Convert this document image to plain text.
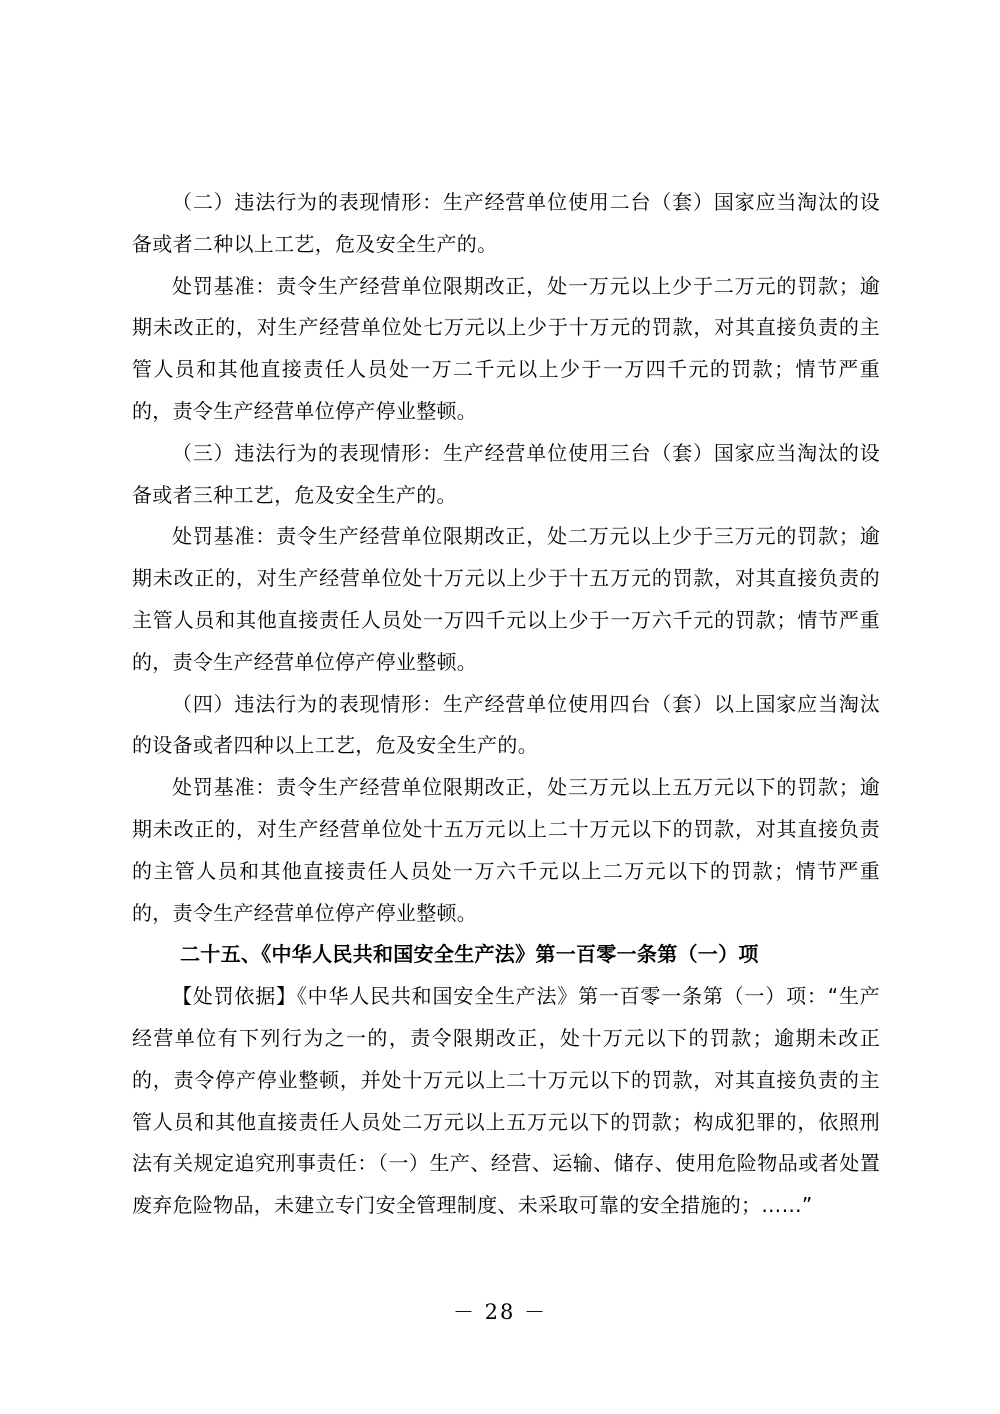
（二）违法行为的表现情形：生产经营单位使用二台（套）国家应当淘汰的设备或者二种以上工艺，危及安全生产的。

处罚基准：责令生产经营单位限期改正，处一万元以上少于二万元的罚款；逾期未改正的，对生产经营单位处七万元以上少于十万元的罚款，对其直接负责的主管人员和其他直接责任人员处一万二千元以上少于一万四千元的罚款；情节严重的，责令生产经营单位停产停业整顿。

（三）违法行为的表现情形：生产经营单位使用三台（套）国家应当淘汰的设备或者三种工艺，危及安全生产的。

处罚基准：责令生产经营单位限期改正，处二万元以上少于三万元的罚款；逾期未改正的，对生产经营单位处十万元以上少于十五万元的罚款，对其直接负责的主管人员和其他直接责任人员处一万四千元以上少于一万六千元的罚款；情节严重的，责令生产经营单位停产停业整顿。

（四）违法行为的表现情形：生产经营单位使用四台（套）以上国家应当淘汰的设备或者四种以上工艺，危及安全生产的。

处罚基准：责令生产经营单位限期改正，处三万元以上五万元以下的罚款；逾期未改正的，对生产经营单位处十五万元以上二十万元以下的罚款，对其直接负责的主管人员和其他直接责任人员处一万六千元以上二万元以下的罚款；情节严重的，责令生产经营单位停产停业整顿。

二十五、《中华人民共和国安全生产法》第一百零一条第（一）项

【处罚依据】《中华人民共和国安全生产法》第一百零一条第（一）项：“生产经营单位有下列行为之一的，责令限期改正，处十万元以下的罚款；逾期未改正的，责令停产停业整顿，并处十万元以上二十万元以下的罚款，对其直接负责的主管人员和其他直接责任人员处二万元以上五万元以下的罚款；构成犯罪的，依照刑法有关规定追究刑事责任：（一）生产、经营、运输、储存、使用危险物品或者处置废弃危险物品，未建立专门安全管理制度、未采取可靠的安全措施的；……”

－ 28 －
